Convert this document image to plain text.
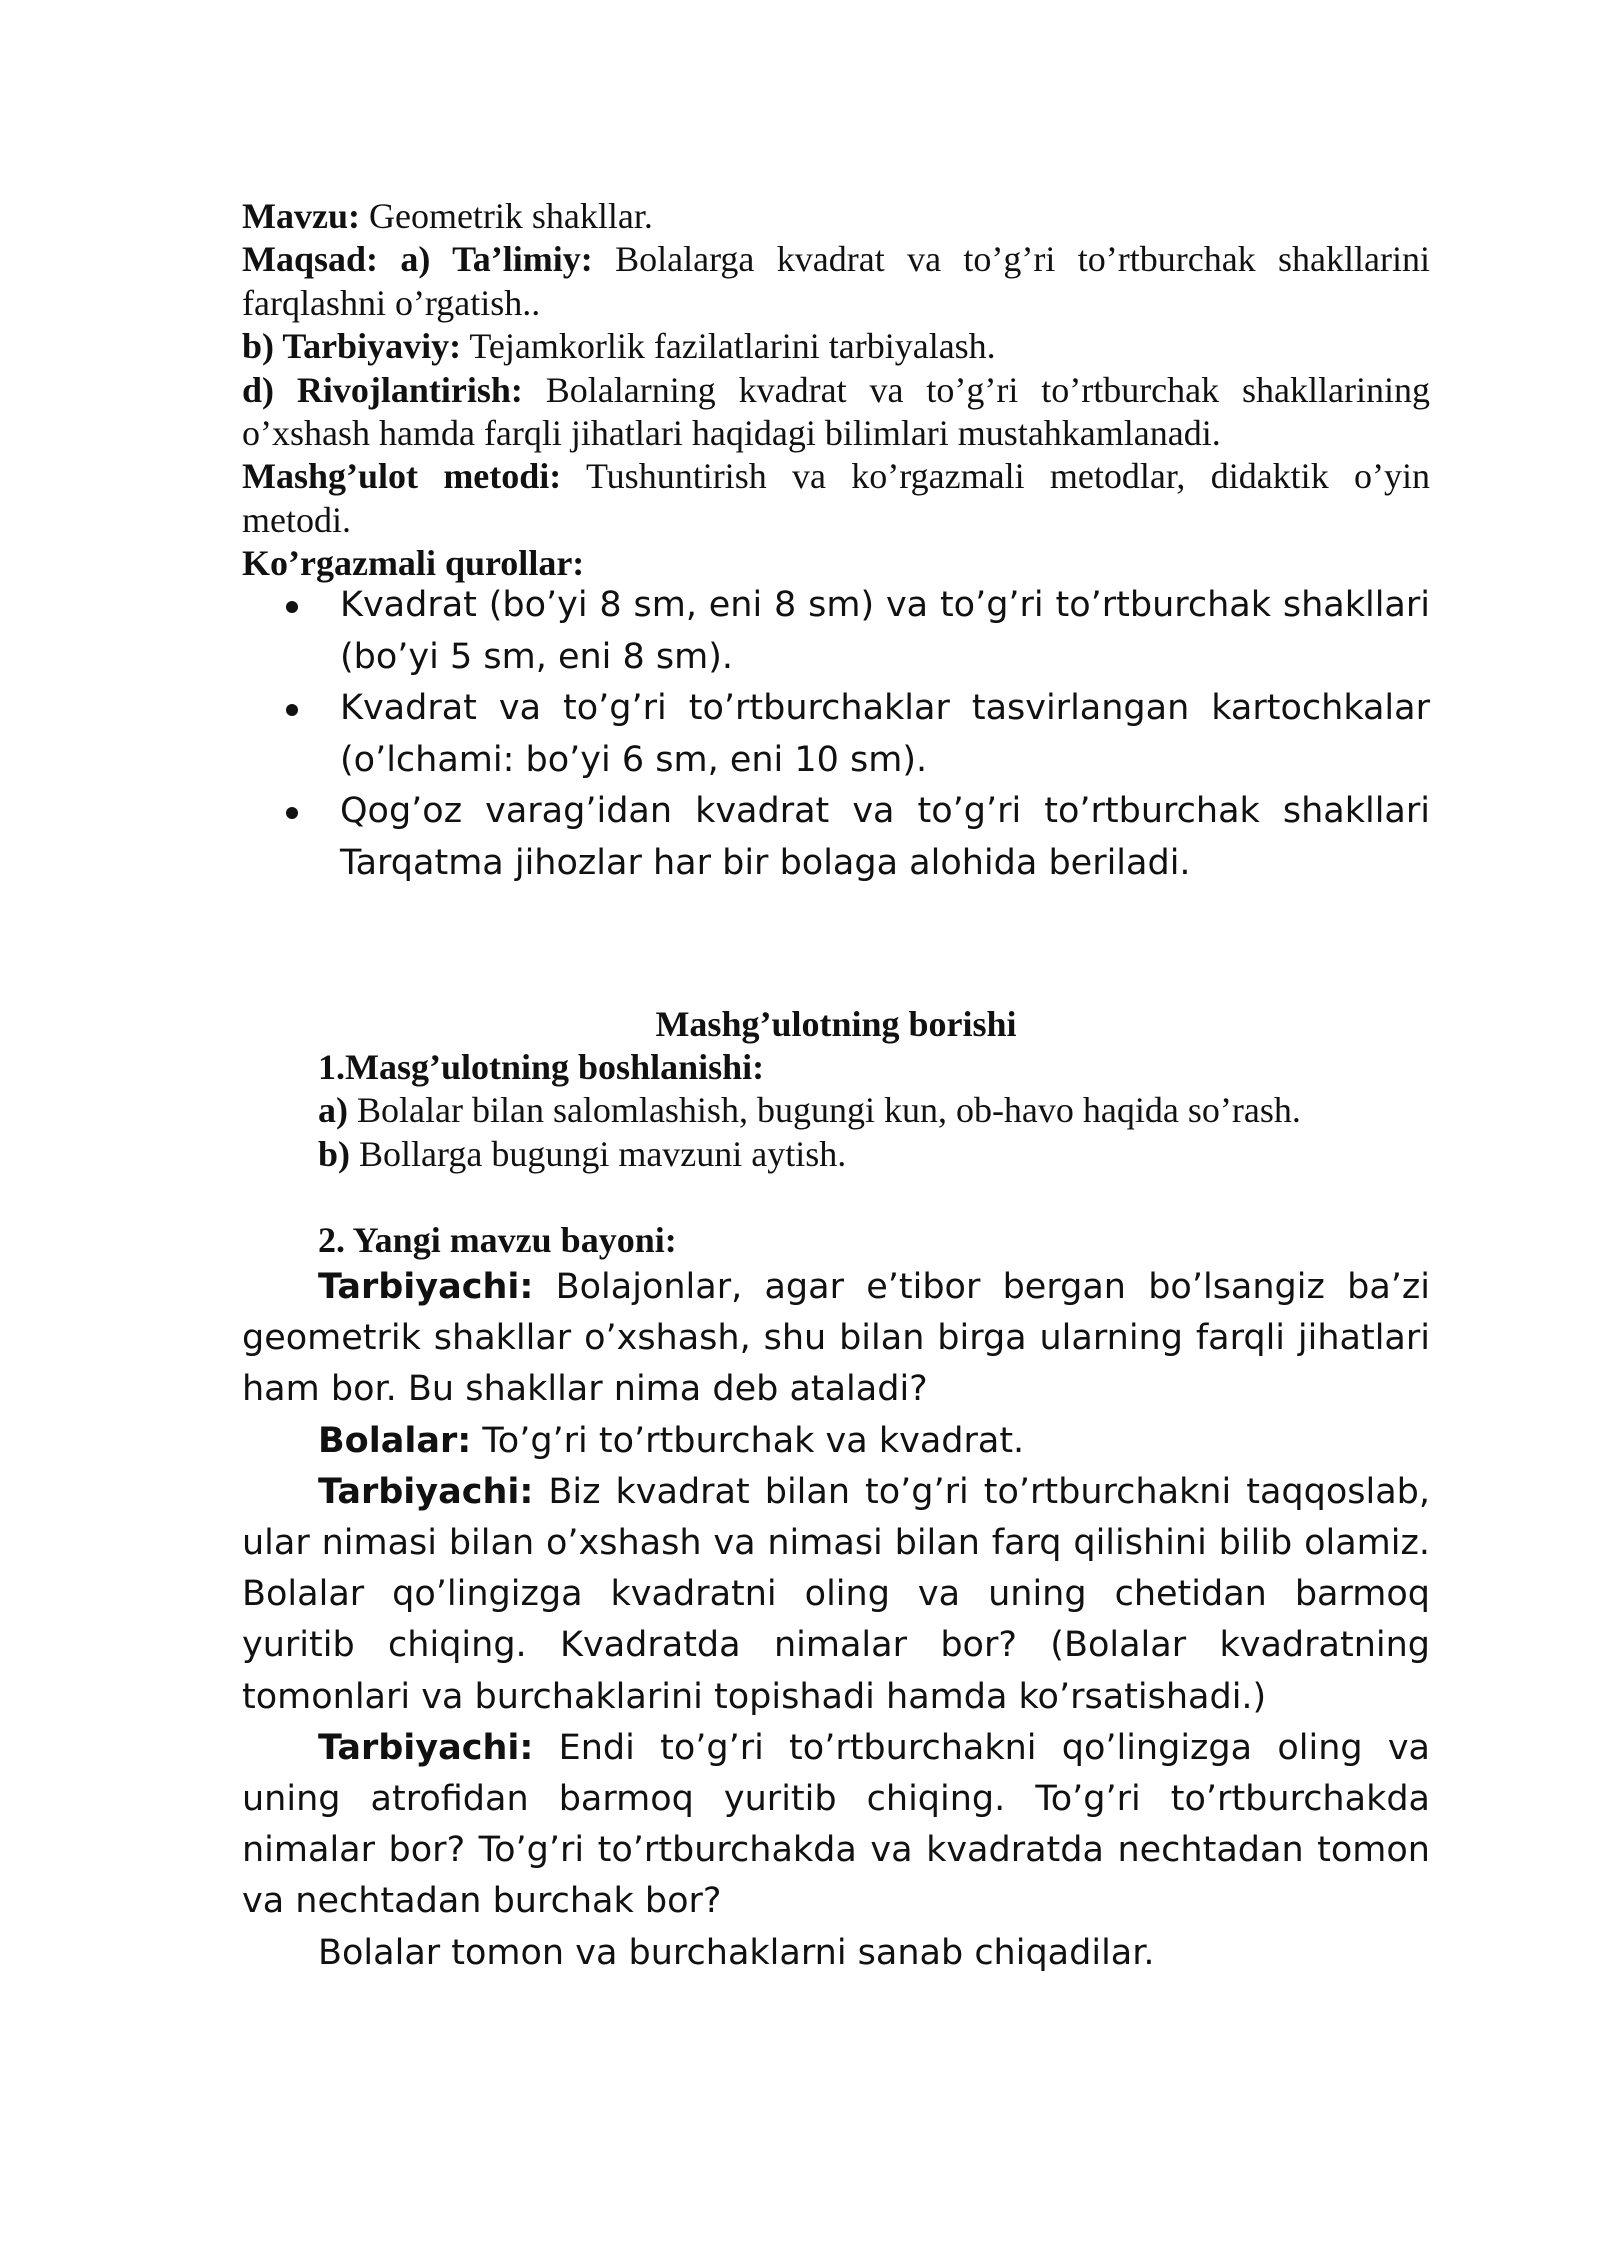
Mavzu: Geometrik shakllar.
Maqsad: a) Ta’limiy: Bolalarga kvadrat va to’g’ri to’rtburchak shakllarini farqlashni o’rgatish..
b) Tarbiyaviy: Tejamkorlik fazilatlarini tarbiyalash.
d) Rivojlantirish: Bolalarning kvadrat va to’g’ri to’rtburchak shakllarining o’xshash hamda farqli jihatlari haqidagi bilimlari mustahkamlanadi.
Mashg’ulot metodi: Tushuntirish va ko’rgazmali metodlar, didaktik o’yin metodi.
Ko’rgazmali qurollar:
Kvadrat (bo’yi 8 sm, eni 8 sm) va to’g’ri to’rtburchak shakllari (bo’yi 5 sm, eni 8 sm).
Kvadrat va to’g’ri to’rtburchaklar tasvirlangan kartochkalar (o’lchami: bo’yi 6 sm, eni 10 sm).
Qog’oz varag’idan kvadrat va to’g’ri to’rtburchak shakllari Tarqatma jihozlar har bir bolaga alohida beriladi.
Mashg’ulotning borishi
1.Masg’ulotning boshlanishi:
a) Bolalar bilan salomlashish, bugungi kun, ob-havo haqida so’rash.
b) Bollarga bugungi mavzuni aytish.
2. Yangi mavzu bayoni:

Tarbiyachi: Bolajonlar, agar e’tibor bergan bo’lsangiz ba’zi geometrik shakllar o’xshash, shu bilan birga ularning farqli jihatlari ham bor. Bu shakllar nima deb ataladi?

Bolalar: To’g’ri to’rtburchak va kvadrat.

Tarbiyachi: Biz kvadrat bilan to’g’ri to’rtburchakni taqqoslab, ular nimasi bilan o’xshash va nimasi bilan farq qilishini bilib olamiz. Bolalar qo’lingizga kvadratni oling va uning chetidan barmoq yuritib chiqing. Kvadratda nimalar bor? (Bolalar kvadratning tomonlari va burchaklarini topishadi hamda ko’rsatishadi.)

Tarbiyachi: Endi to’g’ri to’rtburchakni qo’lingizga oling va uning atrofidan barmoq yuritib chiqing. To’g’ri to’rtburchakda nimalar bor? To’g’ri to’rtburchakda va kvadratda nechtadan tomon va nechtadan burchak bor?

Bolalar tomon va burchaklarni sanab chiqadilar.
